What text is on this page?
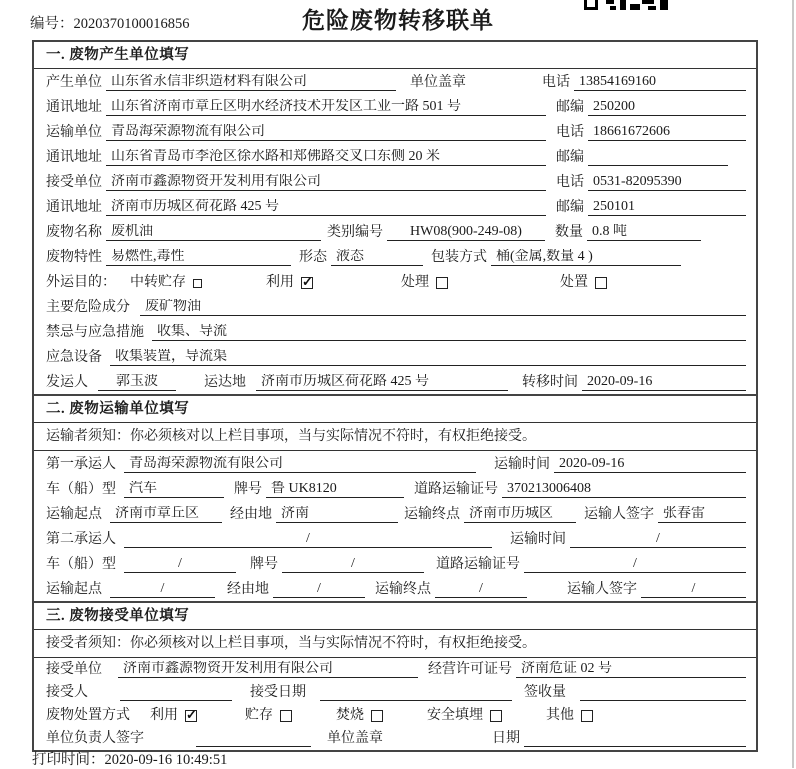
编号：2020370100016856	危险废物转移联单
一. 废物产生单位填写
产生单位 山东省永信非织造材料有限公司	单位盖章	电话 13854169160
通讯地址 山东省济南市章丘区明水经济技术开发区工业一路 501 号	邮编 250200
运输单位 青岛海荣源物流有限公司	电话 18661672606
通讯地址 山东省青岛市李沧区徐水路和郑佛路交叉口东侧 20 米	邮编
接受单位 济南市鑫源物资开发利用有限公司	电话 0531-82095390
通讯地址 济南市历城区荷花路 425 号	邮编 250101
废物名称 废机油	类别编号	HW08(900-249-08)	数量 0.8 吨
废物特性 易燃性,毒性	形态 液态	包装方式 桶(金属,数量 4 )
外运目的： 中转贮存	利用 ✓	处理	处置
主要危险成分	废矿物油
禁忌与应急措施 收集、导流
应急设备 收集装置，导流渠
发运人	郭玉波	运达地	济南市历城区荷花路 425 号	转移时间 2020-09-16
二. 废物运输单位填写
运输者须知：你必须核对以上栏目事项，当与实际情况不符时，有权拒绝接受。
第一承运人 青岛海荣源物流有限公司	运输时间 2020-09-16
车（船）型 汽车	牌号 鲁 UK8120	道路运输证号 370213006408
运输起点 济南市章丘区	经由地 济南	运输终点 济南市历城区	运输人签字 张春雷
第二承运人	/	运输时间	/
车（船）型	/	牌号	/	道路运输证号	/
运输起点	/	经由地	/	运输终点	/	运输人签字	/
三. 废物接受单位填写
接受者须知：你必须核对以上栏目事项，当与实际情况不符时，有权拒绝接受。
接受单位	济南市鑫源物资开发利用有限公司	经营许可证号 济南危证 02 号
接受人	接受日期	签收量
废物处置方式 利用 ✓	贮存	焚烧	安全填埋	其他
单位负责人签字	单位盖章	日期
打印时间：2020-09-16 10:49:51
